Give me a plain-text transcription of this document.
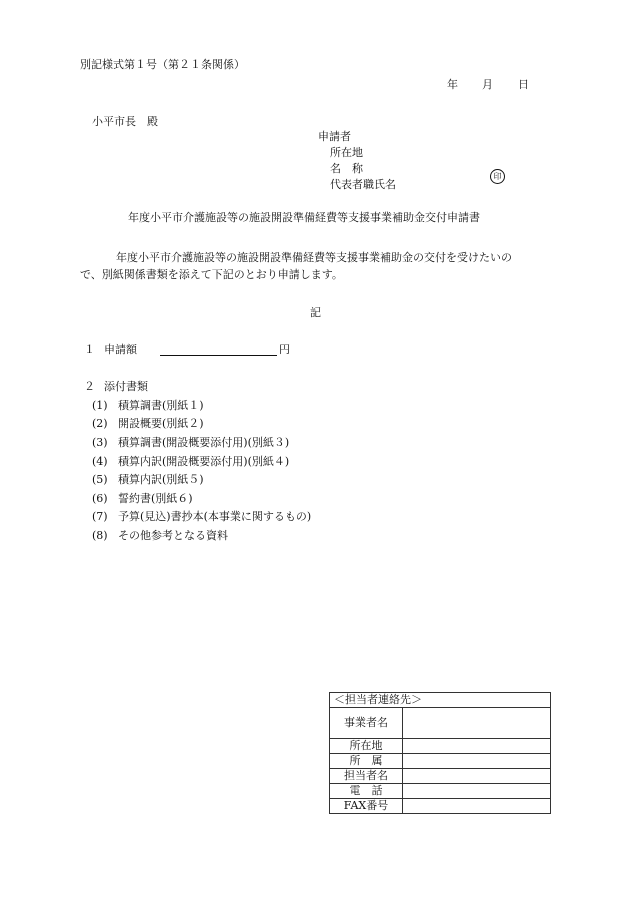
別記様式第１号（第２１条関係）
年 月 日
小平市長　殿
申請者
所在地
名　称
代表者職氏名
印
年度小平市介護施設等の施設開設準備経費等支援事業補助金交付申請書
年度小平市介護施設等の施設開設準備経費等支援事業補助金の交付を受けたいの
で、別紙関係書類を添えて下記のとおり申請します。
記
１ 申請額	円
２ 添付書類
(1) 積算調書(別紙１)
(2) 開設概要(別紙２)
(3) 積算調書(開設概要添付用)(別紙３)
(4) 積算内訳(開設概要添付用)(別紙４)
(5) 積算内訳(別紙５)
(6) 誓約書(別紙６)
(7) 予算(見込)書抄本(本事業に関するもの)
(8) その他参考となる資料
＜担当者連絡先＞	
事業者名	
所在地	
所　属	
担当者名	
電　話	
FAX番号	
